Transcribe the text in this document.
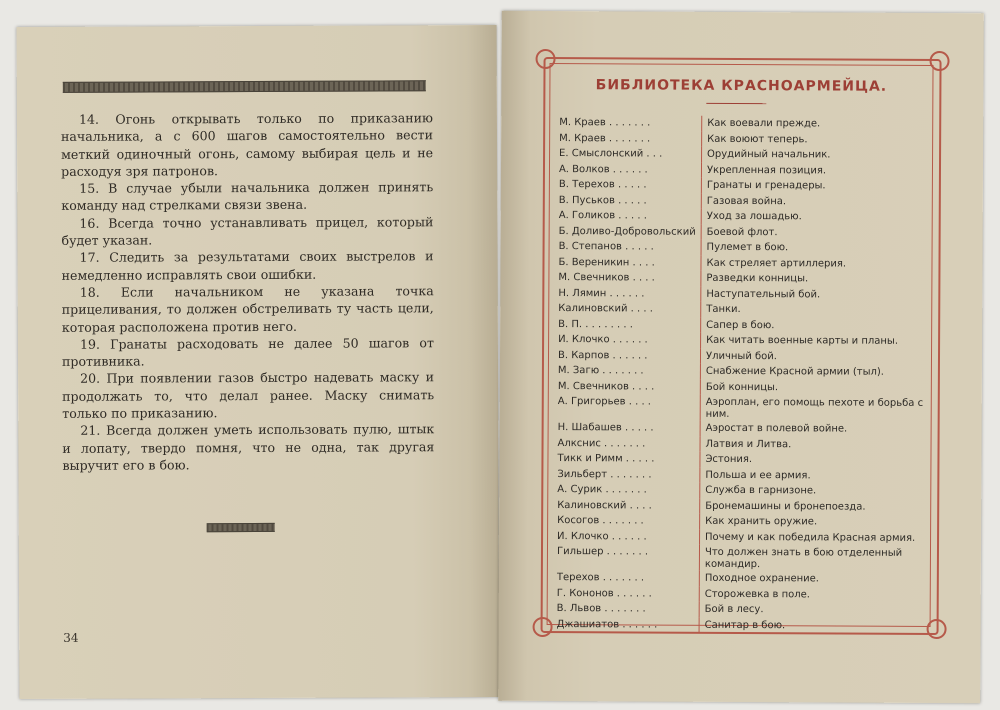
14. Огонь открывать только по приказанию начальника, а с 600 шагов самостоятельно вести меткий одиночный огонь, самому выбирая цель и не расходуя зря патронов.

15. В случае убыли начальника должен принять команду над стрелками связи звена.

16. Всегда точно устанавливать прицел, который будет указан.

17. Следить за результатами своих выстрелов и немедленно исправлять свои ошибки.

18. Если начальником не указана точка прицеливания, то должен обстреливать ту часть цели, которая расположена против него.

19. Гранаты расходовать не далее 50 шагов от противника.

20. При появлении газов быстро надевать маску и продолжать то, что делал ранее. Маску снимать только по приказанию.

21. Всегда должен уметь использовать пулю, штык и лопату, твердо помня, что не одна, так другая выручит его в бою.

34
БИБЛИОТЕКА КРАСНОАРМЕЙЦА.
М. Краев . . . . . . .	Как воевали прежде.
М. Краев . . . . . . .	Как воюют теперь.
Е. Смыслонский . . .	Орудийный начальник.
А. Волков . . . . . .	Укрепленная позиция.
В. Терехов . . . . .	Гранаты и гренадеры.
В. Пуськов . . . . .	Газовая война.
А. Голиков . . . . .	Уход за лошадью.
Б. Доливо-Добровольский	Боевой флот.
В. Степанов . . . . .	Пулемет в бою.
Б. Вереникин . . . .	Как стреляет артиллерия.
М. Свечников . . . .	Разведки конницы.
Н. Лямин . . . . . .	Наступательный бой.
Калиновский . . . .	Танки.
В. П. . . . . . . . .	Сапер в бою.
И. Клочко . . . . . .	Как читать военные карты и планы.
В. Карпов . . . . . .	Уличный бой.
М. Загю . . . . . . .	Снабжение Красной армии (тыл).
М. Свечников . . . .	Бой конницы.
А. Григорьев . . . .	Аэроплан, его помощь пехоте и борьба с ним.
Н. Шабашев . . . . .	Аэростат в полевой войне.
Алкснис . . . . . . .	Латвия и Литва.
Тикк и Римм . . . . .	Эстония.
Зильберт . . . . . . .	Польша и ее армия.
А. Сурик . . . . . . .	Служба в гарнизоне.
Калиновский . . . .	Бронемашины и бронепоезда.
Косогов . . . . . . .	Как хранить оружие.
И. Клочко . . . . . .	Почему и как победила Красная армия.
Гильшер . . . . . . .	Что должен знать в бою отделенный командир.
Терехов . . . . . . .	Походное охранение.
Г. Кононов . . . . . .	Сторожевка в поле.
В. Львов . . . . . . .	Бой в лесу.
Джашиатов . . . . . .	Санитар в бою.
